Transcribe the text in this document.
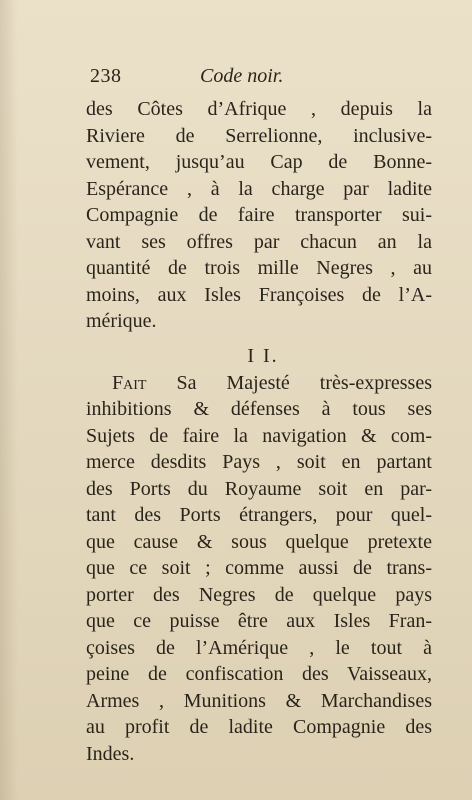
238	Code noir.
des Côtes d’Afrique , depuis la
Riviere de Serrelionne, inclusive-
vement, jusqu’au Cap de Bonne-
Espérance , à la charge par ladite
Compagnie de faire transporter sui-
vant ses offres par chacun an la
quantité de trois mille Negres , au
moins, aux Isles Françoises de l’A-
mérique.
I I.
Fait Sa Majesté très-expresses
inhibitions & défenses à tous ses
Sujets de faire la navigation & com-
merce desdits Pays , soit en partant
des Ports du Royaume soit en par-
tant des Ports étrangers, pour quel-
que cause & sous quelque pretexte
que ce soit ; comme aussi de trans-
porter des Negres de quelque pays
que ce puisse être aux Isles Fran-
çoises de l’Amérique , le tout à
peine de confiscation des Vaisseaux,
Armes , Munitions & Marchandises
au profit de ladite Compagnie des
Indes.
